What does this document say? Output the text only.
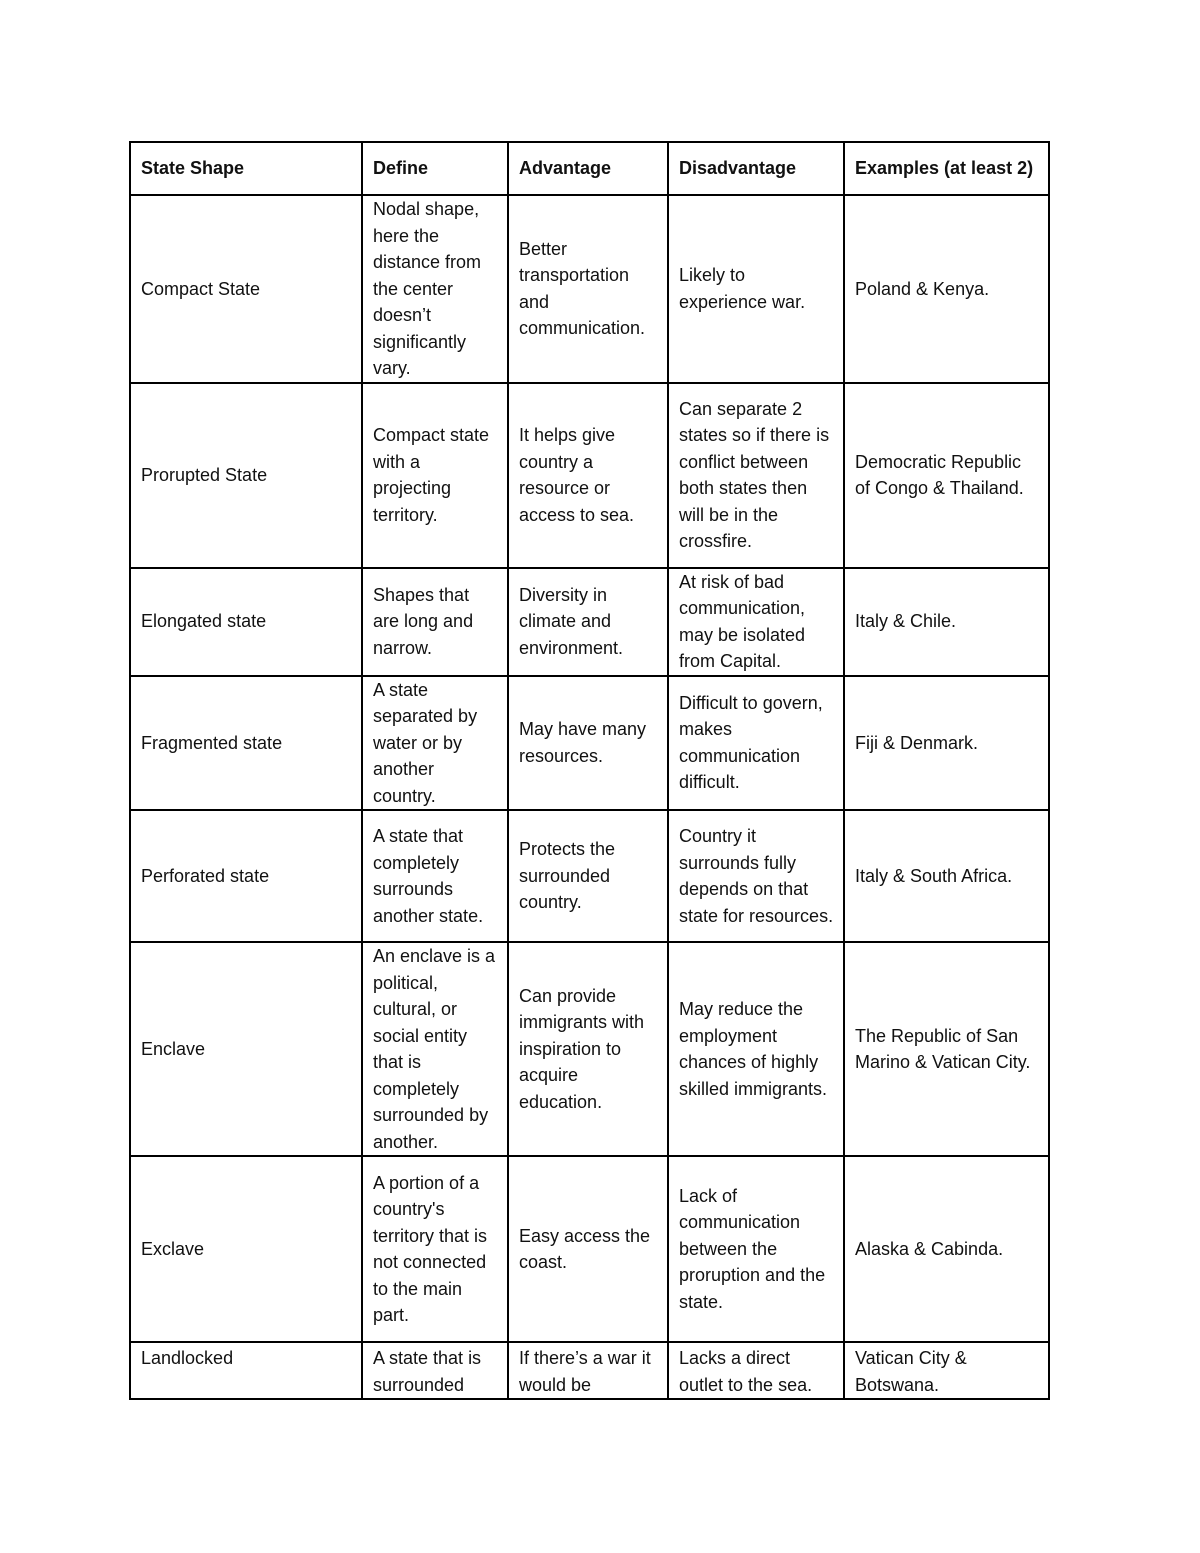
State Shape	Define	Advantage	Disadvantage	Examples (at least 2)
Compact State	Nodal shape, here the distance from the center doesn’t significantly vary.	Better transportation and communication.	Likely to experience war.	Poland & Kenya.
Prorupted State	Compact state with a projecting territory.	It helps give country a resource or access to sea.	Can separate 2 states so if there is conflict between both states then will be in the crossfire.	Democratic Republic of Congo & Thailand.
Elongated state	Shapes that are long and narrow.	Diversity in climate and environment.	At risk of bad communication, may be isolated from Capital.	Italy & Chile.
Fragmented state	A state separated by water or by another country.	May have many resources.	Difficult to govern, makes communication difficult.	Fiji & Denmark.
Perforated state	A state that completely surrounds another state.	Protects the surrounded country.	Country it surrounds fully depends on that state for resources.	Italy & South Africa.
Enclave	An enclave is a political, cultural, or social entity that is completely surrounded by another.	Can provide immigrants with inspiration to acquire education.	May reduce the employment chances of highly skilled immigrants.	The Republic of San Marino & Vatican City.
Exclave	A portion of a country's territory that is not connected to the main part.	Easy access the coast.	Lack of communication between the proruption and the state.	Alaska & Cabinda.
Landlocked	A state that is surrounded	If there’s a war it would be	Lacks a direct outlet to the sea.	Vatican City & Botswana.
